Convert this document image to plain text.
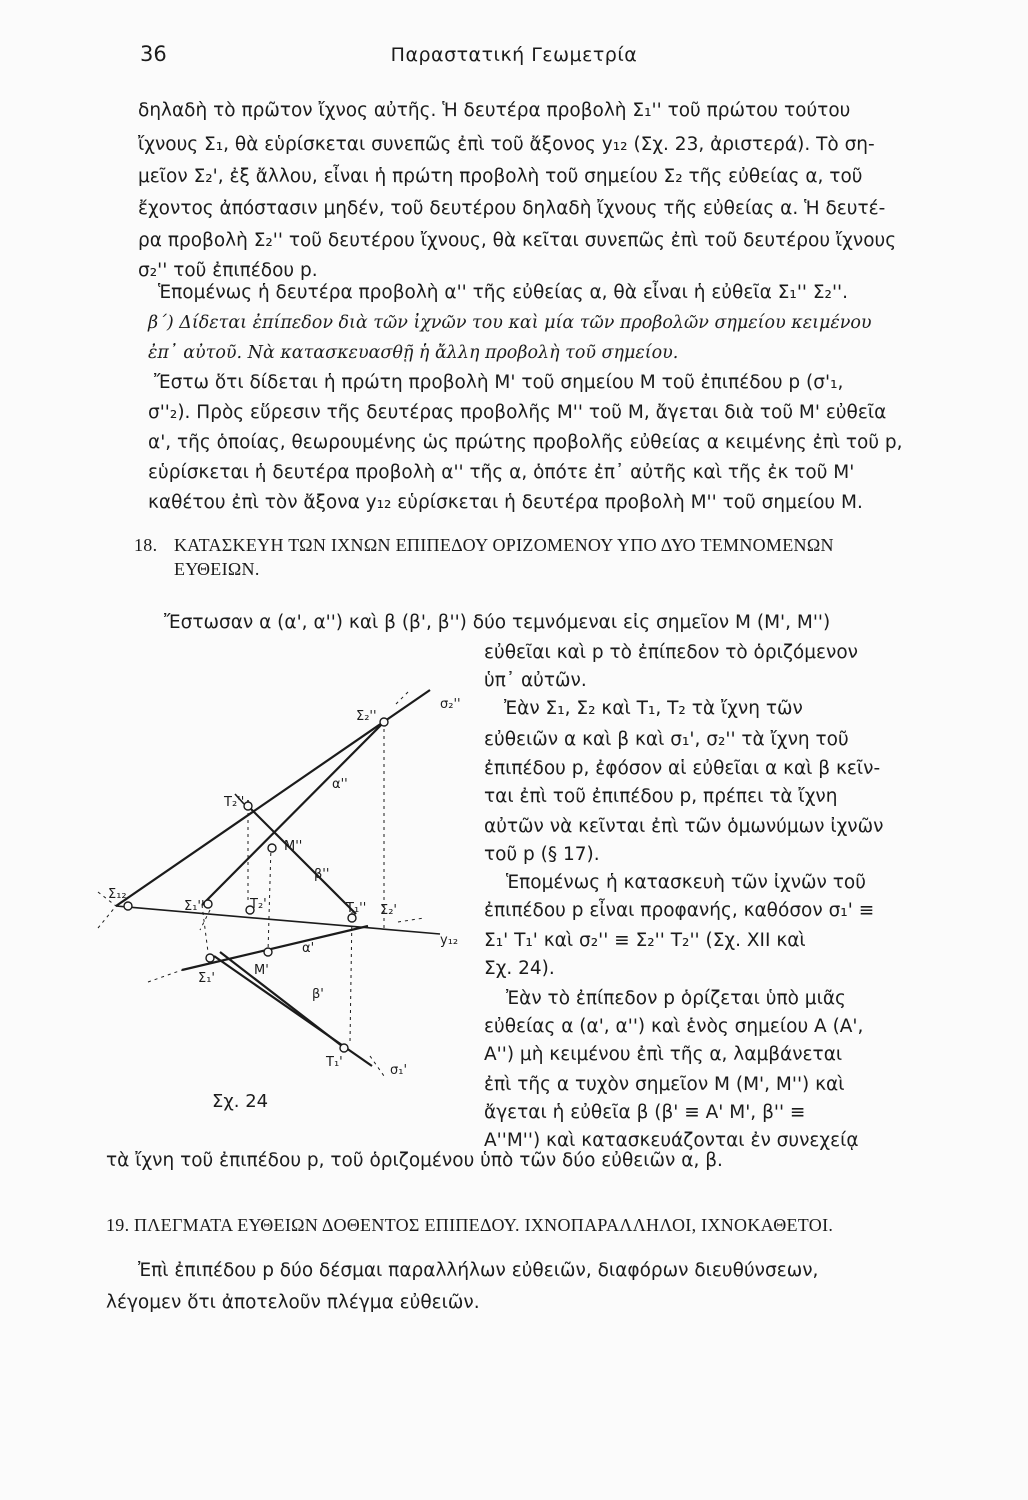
36	Παραστατική Γεωμετρία
δηλαδὴ τὸ πρῶτον ἴχνος αὐτῆς. Ἡ δευτέρα προβολὴ Σ₁'' τοῦ πρώτου τούτου
ἴχνους Σ₁, θὰ εὑρίσκεται συνεπῶς ἐπὶ τοῦ ἄξονος y₁₂ (Σχ. 23, ἀριστερά). Τὸ ση-
μεῖον Σ₂', ἐξ ἄλλου, εἶναι ἡ πρώτη προβολὴ τοῦ σημείου Σ₂ τῆς εὐθείας α, τοῦ
ἔχοντος ἀπόστασιν μηδέν, τοῦ δευτέρου δηλαδὴ ἴχνους τῆς εὐθείας α. Ἡ δευτέ-
ρα προβολὴ Σ₂'' τοῦ δευτέρου ἴχνους, θὰ κεῖται συνεπῶς ἐπὶ τοῦ δευτέρου ἴχνους
σ₂'' τοῦ ἐπιπέδου p.
Ἑπομένως ἡ δευτέρα προβολὴ α'' τῆς εὐθείας α, θὰ εἶναι ἡ εὐθεῖα Σ₁'' Σ₂''.
β΄) Δίδεται ἐπίπεδον διὰ τῶν ἰχνῶν του καὶ μία τῶν προβολῶν σημείου κειμένου
ἐπ᾽ αὐτοῦ. Νὰ κατασκευασθῇ ἡ ἄλλη προβολὴ τοῦ σημείου.
Ἔστω ὅτι δίδεται ἡ πρώτη προβολὴ M' τοῦ σημείου M τοῦ ἐπιπέδου p (σ'₁,
σ''₂). Πρὸς εὕρεσιν τῆς δευτέρας προβολῆς M'' τοῦ M, ἄγεται διὰ τοῦ M' εὐθεῖα
α', τῆς ὁποίας, θεωρουμένης ὡς πρώτης προβολῆς εὐθείας α κειμένης ἐπὶ τοῦ p,
εὑρίσκεται ἡ δευτέρα προβολὴ α'' τῆς α, ὁπότε ἐπ᾽ αὐτῆς καὶ τῆς ἐκ τοῦ M'
καθέτου ἐπὶ τὸν ἄξονα y₁₂ εὑρίσκεται ἡ δευτέρα προβολὴ M'' τοῦ σημείου M.
18. ΚΑΤΑΣΚΕΥΗ ΤΩΝ ΙΧΝΩΝ ΕΠΙΠΕΔΟΥ ΟΡΙΖΟΜΕΝΟΥ ΥΠΟ ΔΥΟ ΤΕΜΝΟΜΕΝΩΝ
ΕΥΘΕΙΩΝ.
Ἔστωσαν α (α', α'') καὶ β (β', β'') δύο τεμνόμεναι εἰς σημεῖον M (M', M'')
εὐθεῖαι καὶ p τὸ ἐπίπεδον τὸ ὁριζόμενον
ὑπ᾽ αὐτῶν.
Ἐὰν Σ₁, Σ₂ καὶ T₁, T₂ τὰ ἴχνη τῶν
εὐθειῶν α καὶ β καὶ σ₁', σ₂'' τὰ ἴχνη τοῦ
ἐπιπέδου p, ἐφόσον αἱ εὐθεῖαι α καὶ β κεῖν-
ται ἐπὶ τοῦ ἐπιπέδου p, πρέπει τὰ ἴχνη
αὐτῶν νὰ κεῖνται ἐπὶ τῶν ὁμωνύμων ἰχνῶν
τοῦ p (§ 17).
Ἑπομένως ἡ κατασκευὴ τῶν ἰχνῶν τοῦ
ἐπιπέδου p εἶναι προφανής, καθόσον σ₁' ≡
Σ₁' T₁' καὶ σ₂'' ≡ Σ₂'' T₂'' (Σχ. XII καὶ
Σχ. 24).
Ἐὰν τὸ ἐπίπεδον p ὁρίζεται ὑπὸ μιᾶς
εὐθείας α (α', α'') καὶ ἑνὸς σημείου A (A',
A'') μὴ κειμένου ἐπὶ τῆς α, λαμβάνεται
ἐπὶ τῆς α τυχὸν σημεῖον M (M', M'') καὶ
ἄγεται ἡ εὐθεῖα β (β' ≡ A' M', β'' ≡
A''M'') καὶ κατασκευάζονται ἐν συνεχείᾳ
Σ₂''
σ₂''
T₂''
α''
M''
β''
Σ₁₂
Σ₁''	T₂'	T₁'' Σ₂'
y₁₂
α'
M'
Σ₁'
β'
T₁'
σ₁'
Σχ. 24
τὰ ἴχνη τοῦ ἐπιπέδου p, τοῦ ὁριζομένου ὑπὸ τῶν δύο εὐθειῶν α, β.
19. ΠΛΕΓΜΑΤΑ ΕΥΘΕΙΩΝ ΔΟΘΕΝΤΟΣ ΕΠΙΠΕΔΟΥ. ΙΧΝΟΠΑΡΑΛΛΗΛΟΙ, ΙΧΝΟΚΑΘΕΤΟΙ.
Ἐπὶ ἐπιπέδου p δύο δέσμαι παραλλήλων εὐθειῶν, διαφόρων διευθύνσεων,
λέγομεν ὅτι ἀποτελοῦν πλέγμα εὐθειῶν.
